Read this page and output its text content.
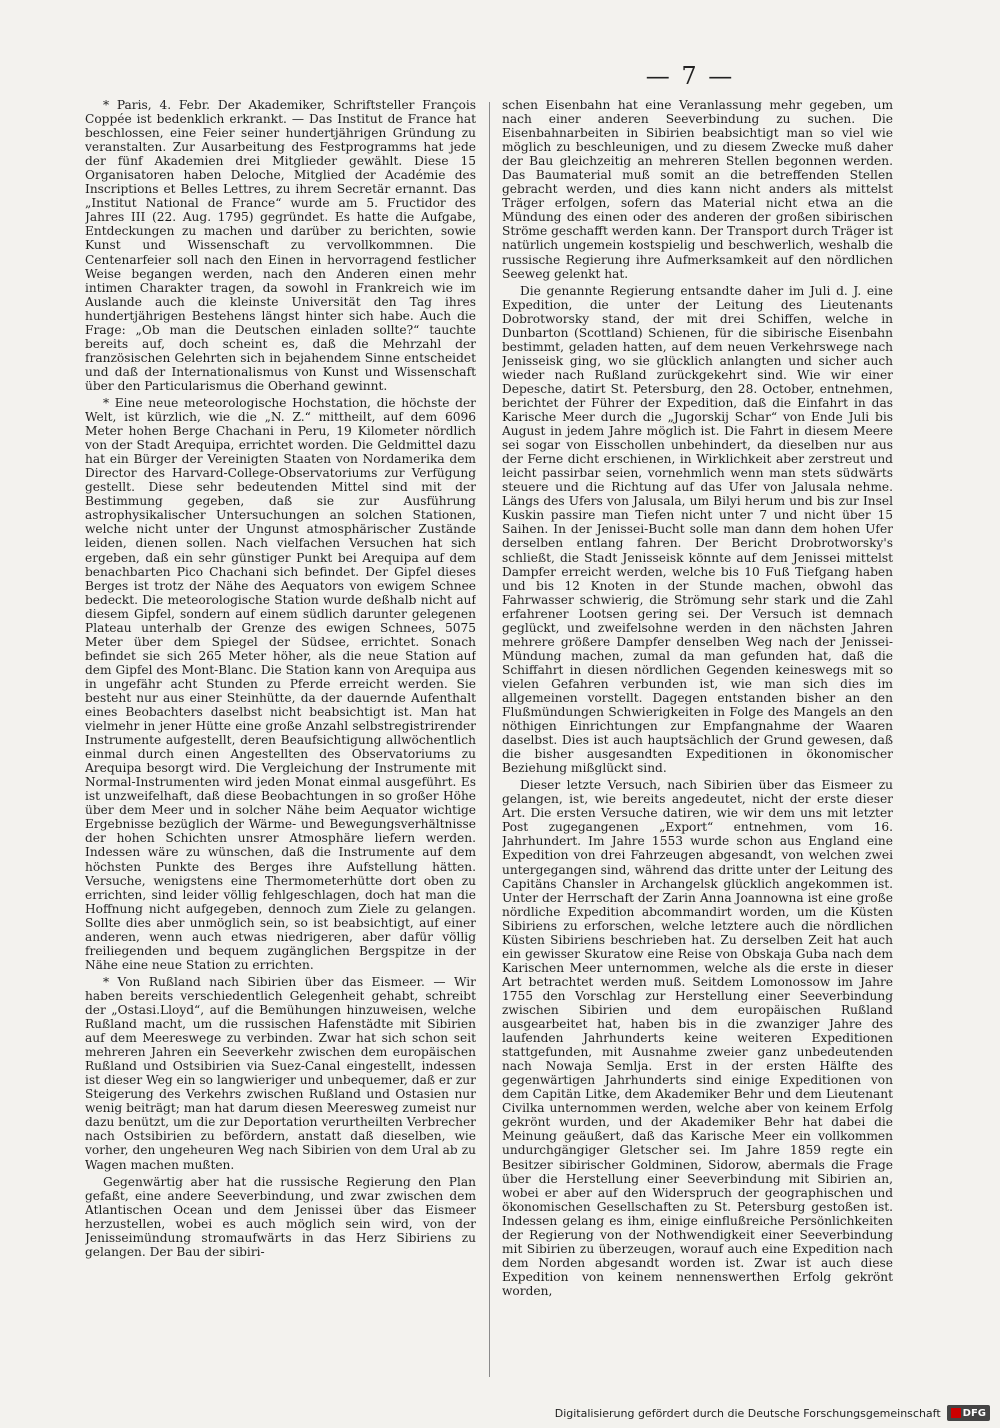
— 7 —

* Paris, 4. Febr. Der Akademiker, Schriftsteller François Coppée ist bedenklich erkrankt. — Das Institut de France hat beschlossen, eine Feier seiner hundertjährigen Gründung zu veranstalten. Zur Ausarbeitung des Festprogramms hat jede der fünf Akademien drei Mitglieder gewählt. Diese 15 Organisatoren haben Deloche, Mitglied der Académie des Inscriptions et Belles Lettres, zu ihrem Secretär ernannt. Das „Institut National de France“ wurde am 5. Fructidor des Jahres III (22. Aug. 1795) gegründet. Es hatte die Aufgabe, Entdeckungen zu machen und darüber zu berichten, sowie Kunst und Wissenschaft zu vervollkommnen. Die Centenarfeier soll nach den Einen in hervorragend festlicher Weise begangen werden, nach den Anderen einen mehr intimen Charakter tragen, da sowohl in Frankreich wie im Auslande auch die kleinste Universität den Tag ihres hundertjährigen Bestehens längst hinter sich habe. Auch die Frage: „Ob man die Deutschen einladen sollte?“ tauchte bereits auf, doch scheint es, daß die Mehrzahl der französischen Gelehrten sich in bejahendem Sinne entscheidet und daß der Internationalismus von Kunst und Wissenschaft über den Particularismus die Oberhand gewinnt.

* Eine neue meteorologische Hochstation, die höchste der Welt, ist kürzlich, wie die „N. Z.“ mittheilt, auf dem 6096 Meter hohen Berge Chachani in Peru, 19 Kilometer nördlich von der Stadt Arequipa, errichtet worden. Die Geldmittel dazu hat ein Bürger der Vereinigten Staaten von Nordamerika dem Director des Harvard-College-Observatoriums zur Verfügung gestellt. Diese sehr bedeutenden Mittel sind mit der Bestimmung gegeben, daß sie zur Ausführung astrophysikalischer Untersuchungen an solchen Stationen, welche nicht unter der Ungunst atmosphärischer Zustände leiden, dienen sollen. Nach vielfachen Versuchen hat sich ergeben, daß ein sehr günstiger Punkt bei Arequipa auf dem benachbarten Pico Chachani sich befindet. Der Gipfel dieses Berges ist trotz der Nähe des Aequators von ewigem Schnee bedeckt. Die meteorologische Station wurde deßhalb nicht auf diesem Gipfel, sondern auf einem südlich darunter gelegenen Plateau unterhalb der Grenze des ewigen Schnees, 5075 Meter über dem Spiegel der Südsee, errichtet. Sonach befindet sie sich 265 Meter höher, als die neue Station auf dem Gipfel des Mont-Blanc. Die Station kann von Arequipa aus in ungefähr acht Stunden zu Pferde erreicht werden. Sie besteht nur aus einer Steinhütte, da der dauernde Aufenthalt eines Beobachters daselbst nicht beabsichtigt ist. Man hat vielmehr in jener Hütte eine große Anzahl selbstregistrirender Instrumente aufgestellt, deren Beaufsichtigung allwöchentlich einmal durch einen Angestellten des Observatoriums zu Arequipa besorgt wird. Die Vergleichung der Instrumente mit Normal-Instrumenten wird jeden Monat einmal ausgeführt. Es ist unzweifelhaft, daß diese Beobachtungen in so großer Höhe über dem Meer und in solcher Nähe beim Aequator wichtige Ergebnisse bezüglich der Wärme- und Bewegungsverhältnisse der hohen Schichten unsrer Atmosphäre liefern werden. Indessen wäre zu wünschen, daß die Instrumente auf dem höchsten Punkte des Berges ihre Aufstellung hätten. Versuche, wenigstens eine Thermometerhütte dort oben zu errichten, sind leider völlig fehlgeschlagen, doch hat man die Hoffnung nicht aufgegeben, dennoch zum Ziele zu gelangen. Sollte dies aber unmöglich sein, so ist beabsichtigt, auf einer anderen, wenn auch etwas niedrigeren, aber dafür völlig freiliegenden und bequem zugänglichen Bergspitze in der Nähe eine neue Station zu errichten.

* Von Rußland nach Sibirien über das Eismeer. — Wir haben bereits verschiedentlich Gelegenheit gehabt, schreibt der „Ostasi.Lloyd“, auf die Bemühungen hinzuweisen, welche Rußland macht, um die russischen Hafenstädte mit Sibirien auf dem Meereswege zu verbinden. Zwar hat sich schon seit mehreren Jahren ein Seeverkehr zwischen dem europäischen Rußland und Ostsibirien via Suez-Canal eingestellt, indessen ist dieser Weg ein so langwieriger und unbequemer, daß er zur Steigerung des Verkehrs zwischen Rußland und Ostasien nur wenig beiträgt; man hat darum diesen Meeresweg zumeist nur dazu benützt, um die zur Deportation verurtheilten Verbrecher nach Ostsibirien zu befördern, anstatt daß dieselben, wie vorher, den ungeheuren Weg nach Sibirien von dem Ural ab zu Wagen machen mußten.

Gegenwärtig aber hat die russische Regierung den Plan gefaßt, eine andere Seeverbindung, und zwar zwischen dem Atlantischen Ocean und dem Jenissei über das Eismeer herzustellen, wobei es auch möglich sein wird, von der Jenisseimündung stromaufwärts in das Herz Sibiriens zu gelangen. Der Bau der sibiri-

schen Eisenbahn hat eine Veranlassung mehr gegeben, um nach einer anderen Seeverbindung zu suchen. Die Eisenbahnarbeiten in Sibirien beabsichtigt man so viel wie möglich zu beschleunigen, und zu diesem Zwecke muß daher der Bau gleichzeitig an mehreren Stellen begonnen werden. Das Baumaterial muß somit an die betreffenden Stellen gebracht werden, und dies kann nicht anders als mittelst Träger erfolgen, sofern das Material nicht etwa an die Mündung des einen oder des anderen der großen sibirischen Ströme geschafft werden kann. Der Transport durch Träger ist natürlich ungemein kostspielig und beschwerlich, weshalb die russische Regierung ihre Aufmerksamkeit auf den nördlichen Seeweg gelenkt hat.

Die genannte Regierung entsandte daher im Juli d. J. eine Expedition, die unter der Leitung des Lieutenants Dobrotworsky stand, der mit drei Schiffen, welche in Dunbarton (Scottland) Schienen, für die sibirische Eisenbahn bestimmt, geladen hatten, auf dem neuen Verkehrswege nach Jenisseisk ging, wo sie glücklich anlangten und sicher auch wieder nach Rußland zurückgekehrt sind. Wie wir einer Depesche, datirt St. Petersburg, den 28. October, entnehmen, berichtet der Führer der Expedition, daß die Einfahrt in das Karische Meer durch die „Jugorskij Schar“ von Ende Juli bis August in jedem Jahre möglich ist. Die Fahrt in diesem Meere sei sogar von Eisschollen unbehindert, da dieselben nur aus der Ferne dicht erschienen, in Wirklichkeit aber zerstreut und leicht passirbar seien, vornehmlich wenn man stets südwärts steuere und die Richtung auf das Ufer von Jalusala nehme. Längs des Ufers von Jalusala, um Bilyi herum und bis zur Insel Kuskin passire man Tiefen nicht unter 7 und nicht über 15 Saihen. In der Jenissei-Bucht solle man dann dem hohen Ufer derselben entlang fahren. Der Bericht Drobrotworsky's schließt, die Stadt Jenisseisk könnte auf dem Jenissei mittelst Dampfer erreicht werden, welche bis 10 Fuß Tiefgang haben und bis 12 Knoten in der Stunde machen, obwohl das Fahrwasser schwierig, die Strömung sehr stark und die Zahl erfahrener Lootsen gering sei. Der Versuch ist demnach geglückt, und zweifelsohne werden in den nächsten Jahren mehrere größere Dampfer denselben Weg nach der Jenissei-Mündung machen, zumal da man gefunden hat, daß die Schiffahrt in diesen nördlichen Gegenden keineswegs mit so vielen Gefahren verbunden ist, wie man sich dies im allgemeinen vorstellt. Dagegen entstanden bisher an den Flußmündungen Schwierigkeiten in Folge des Mangels an den nöthigen Einrichtungen zur Empfangnahme der Waaren daselbst. Dies ist auch hauptsächlich der Grund gewesen, daß die bisher ausgesandten Expeditionen in ökonomischer Beziehung mißglückt sind.

Dieser letzte Versuch, nach Sibirien über das Eismeer zu gelangen, ist, wie bereits angedeutet, nicht der erste dieser Art. Die ersten Versuche datiren, wie wir dem uns mit letzter Post zugegangenen „Export“ entnehmen, vom 16. Jahrhundert. Im Jahre 1553 wurde schon aus England eine Expedition von drei Fahrzeugen abgesandt, von welchen zwei untergegangen sind, während das dritte unter der Leitung des Capitäns Chansler in Archangelsk glücklich angekommen ist. Unter der Herrschaft der Zarin Anna Joannowna ist eine große nördliche Expedition abcommandirt worden, um die Küsten Sibiriens zu erforschen, welche letztere auch die nördlichen Küsten Sibiriens beschrieben hat. Zu derselben Zeit hat auch ein gewisser Skuratow eine Reise von Obskaja Guba nach dem Karischen Meer unternommen, welche als die erste in dieser Art betrachtet werden muß. Seitdem Lomonossow im Jahre 1755 den Vorschlag zur Herstellung einer Seeverbindung zwischen Sibirien und dem europäischen Rußland ausgearbeitet hat, haben bis in die zwanziger Jahre des laufenden Jahrhunderts keine weiteren Expeditionen stattgefunden, mit Ausnahme zweier ganz unbedeutenden nach Nowaja Semlja. Erst in der ersten Hälfte des gegenwärtigen Jahrhunderts sind einige Expeditionen von dem Capitän Litke, dem Akademiker Behr und dem Lieutenant Civilka unternommen werden, welche aber von keinem Erfolg gekrönt wurden, und der Akademiker Behr hat dabei die Meinung geäußert, daß das Karische Meer ein vollkommen undurchgängiger Gletscher sei. Im Jahre 1859 regte ein Besitzer sibirischer Goldminen, Sidorow, abermals die Frage über die Herstellung einer Seeverbindung mit Sibirien an, wobei er aber auf den Widerspruch der geographischen und ökonomischen Gesellschaften zu St. Petersburg gestoßen ist. Indessen gelang es ihm, einige einflußreiche Persönlichkeiten der Regierung von der Nothwendigkeit einer Seeverbindung mit Sibirien zu überzeugen, worauf auch eine Expedition nach dem Norden abgesandt worden ist. Zwar ist auch diese Expedition von keinem nennenswerthen Erfolg gekrönt worden,

Digitalisierung gefördert durch die Deutsche Forschungsgemeinschaft DFG
